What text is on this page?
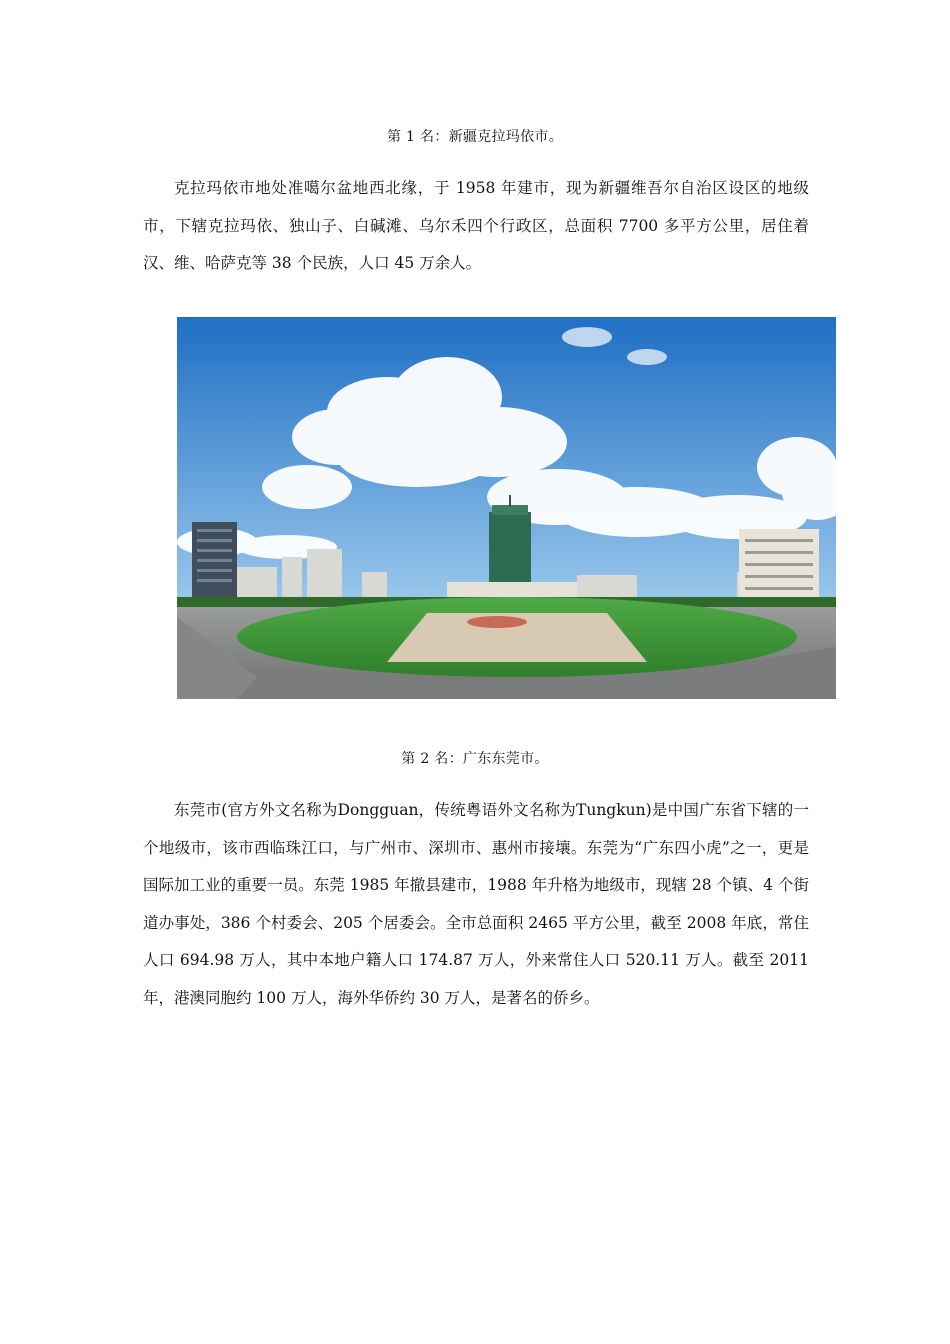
第 1 名：新疆克拉玛依市。
克拉玛依市地处准噶尔盆地西北缘，于 1958 年建市，现为新疆维吾尔自治区设区的地级市，下辖克拉玛依、独山子、白碱滩、乌尔禾四个行政区，总面积 7700 多平方公里，居住着汉、维、哈萨克等 38 个民族，人口 45 万余人。
第 2 名：广东东莞市。
东莞市(官方外文名称为Dongguan，传统粤语外文名称为Tungkun)是中国广东省下辖的一个地级市，该市西临珠江口，与广州市、深圳市、惠州市接壤。东莞为“广东四小虎”之一，更是国际加工业的重要一员。东莞 1985 年撤县建市，1988 年升格为地级市，现辖 28 个镇、4 个街道办事处，386 个村委会、205 个居委会。全市总面积 2465 平方公里，截至 2008 年底，常住人口 694.98 万人，其中本地户籍人口 174.87 万人，外来常住人口 520.11 万人。截至 2011 年，港澳同胞约 100 万人，海外华侨约 30 万人，是著名的侨乡。
